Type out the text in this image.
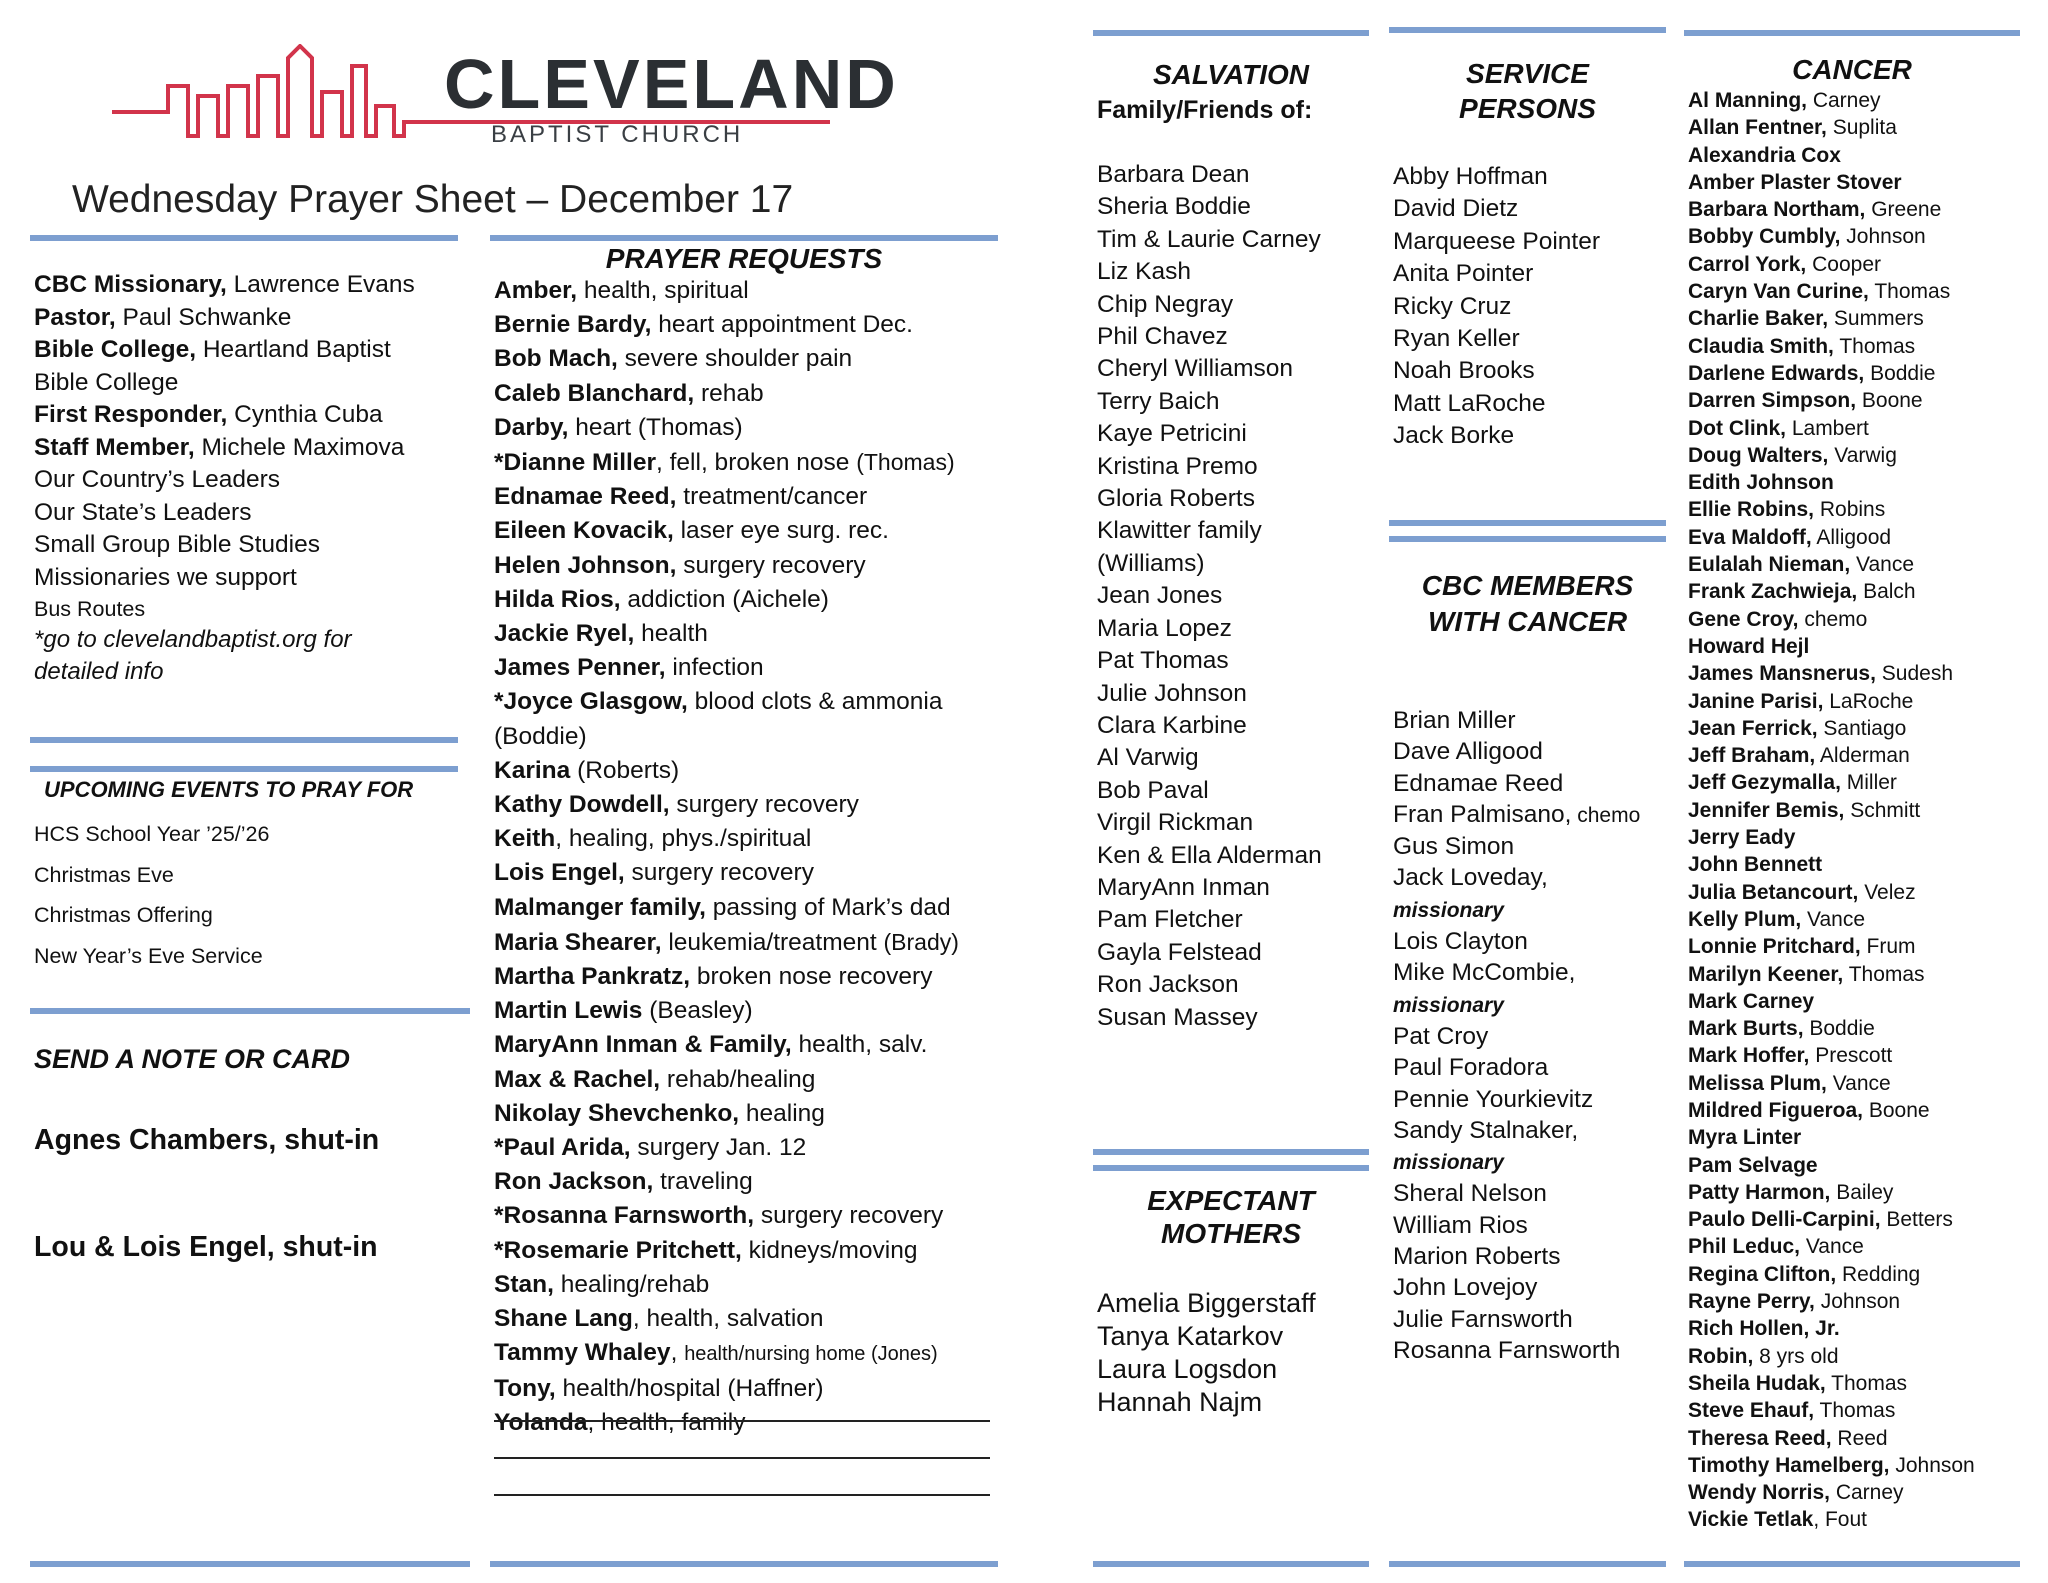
CLEVELAND
BAPTIST CHURCH
Wednesday Prayer Sheet – December 17
CBC Missionary, Lawrence Evans
Pastor, Paul Schwanke
Bible College, Heartland Baptist
Bible College
First Responder, Cynthia Cuba
Staff Member, Michele Maximova
Our Country’s Leaders
Our State’s Leaders
Small Group Bible Studies
Missionaries we support
Bus Routes
*go to clevelandbaptist.org for
detailed info
UPCOMING EVENTS TO PRAY FOR
HCS School Year ’25/’26
Christmas Eve
Christmas Offering
New Year’s Eve Service
SEND A NOTE OR CARD
Agnes Chambers, shut-in
Lou & Lois Engel, shut-in
PRAYER REQUESTS
Amber, health, spiritual
Bernie Bardy, heart appointment Dec.
Bob Mach, severe shoulder pain
Caleb Blanchard, rehab
Darby, heart (Thomas)
*Dianne Miller, fell, broken nose (Thomas)
Ednamae Reed, treatment/cancer
Eileen Kovacik, laser eye surg. rec.
Helen Johnson, surgery recovery
Hilda Rios, addiction (Aichele)
Jackie Ryel, health
James Penner, infection
*Joyce Glasgow, blood clots & ammonia
(Boddie)
Karina (Roberts)
Kathy Dowdell, surgery recovery
Keith, healing, phys./spiritual
Lois Engel, surgery recovery
Malmanger family, passing of Mark’s dad
Maria Shearer, leukemia/treatment (Brady)
Martha Pankratz, broken nose recovery
Martin Lewis (Beasley)
MaryAnn Inman & Family, health, salv.
Max & Rachel, rehab/healing
Nikolay Shevchenko, healing
*Paul Arida, surgery Jan. 12
Ron Jackson, traveling
*Rosanna Farnsworth, surgery recovery
*Rosemarie Pritchett, kidneys/moving
Stan, healing/rehab
Shane Lang, health, salvation
Tammy Whaley, health/nursing home (Jones)
Tony, health/hospital (Haffner)
Yolanda, health, family
SALVATION
Family/Friends of:
Barbara Dean
Sheria Boddie
Tim & Laurie Carney
Liz Kash
Chip Negray
Phil Chavez
Cheryl Williamson
Terry Baich
Kaye Petricini
Kristina Premo
Gloria Roberts
Klawitter family
(Williams)
Jean Jones
Maria Lopez
Pat Thomas
Julie Johnson
Clara Karbine
Al Varwig
Bob Paval
Virgil Rickman
Ken & Ella Alderman
MaryAnn Inman
Pam Fletcher
Gayla Felstead
Ron Jackson
Susan Massey
EXPECTANT
MOTHERS
Amelia Biggerstaff
Tanya Katarkov
Laura Logsdon
Hannah Najm
SERVICE
PERSONS
Abby Hoffman
David Dietz
Marqueese Pointer
Anita Pointer
Ricky Cruz
Ryan Keller
Noah Brooks
Matt LaRoche
Jack Borke
CBC MEMBERS
WITH CANCER
Brian Miller
Dave Alligood
Ednamae Reed
Fran Palmisano, chemo
Gus Simon
Jack Loveday,
missionary
Lois Clayton
Mike McCombie,
missionary
Pat Croy
Paul Foradora
Pennie Yourkievitz
Sandy Stalnaker,
missionary
Sheral Nelson
William Rios
Marion Roberts
John Lovejoy
Julie Farnsworth
Rosanna Farnsworth
CANCER
Al Manning, Carney
Allan Fentner, Suplita
Alexandria Cox
Amber Plaster Stover
Barbara Northam, Greene
Bobby Cumbly, Johnson
Carrol York, Cooper
Caryn Van Curine, Thomas
Charlie Baker, Summers
Claudia Smith, Thomas
Darlene Edwards, Boddie
Darren Simpson, Boone
Dot Clink, Lambert
Doug Walters, Varwig
Edith Johnson
Ellie Robins, Robins
Eva Maldoff, Alligood
Eulalah Nieman, Vance
Frank Zachwieja, Balch
Gene Croy, chemo
Howard Hejl
James Mansnerus, Sudesh
Janine Parisi, LaRoche
Jean Ferrick, Santiago
Jeff Braham, Alderman
Jeff Gezymalla, Miller
Jennifer Bemis, Schmitt
Jerry Eady
John Bennett
Julia Betancourt, Velez
Kelly Plum, Vance
Lonnie Pritchard, Frum
Marilyn Keener, Thomas
Mark Carney
Mark Burts, Boddie
Mark Hoffer, Prescott
Melissa Plum, Vance
Mildred Figueroa, Boone
Myra Linter
Pam Selvage
Patty Harmon, Bailey
Paulo Delli-Carpini, Betters
Phil Leduc, Vance
Regina Clifton, Redding
Rayne Perry, Johnson
Rich Hollen, Jr.
Robin, 8 yrs old
Sheila Hudak, Thomas
Steve Ehauf, Thomas
Theresa Reed, Reed
Timothy Hamelberg, Johnson
Wendy Norris, Carney
Vickie Tetlak, Fout
